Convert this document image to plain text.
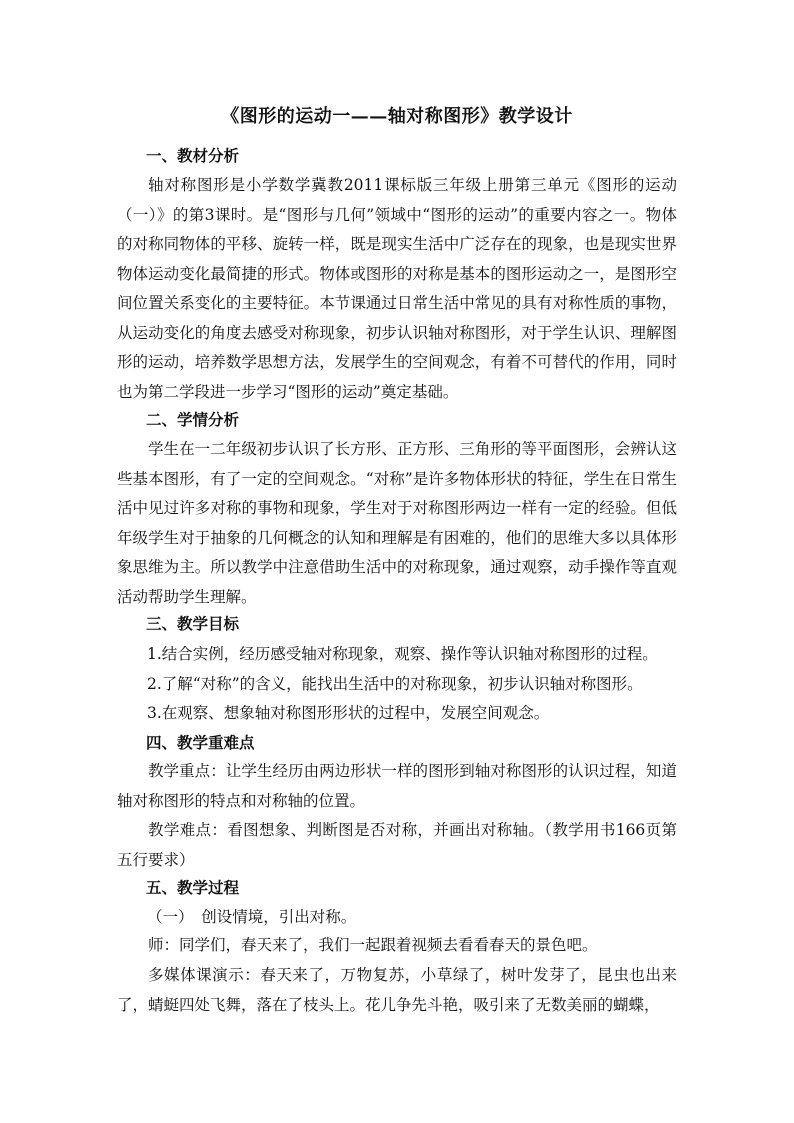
《图形的运动一——轴对称图形》教学设计
一、教材分析

轴对称图形是小学数学冀教2011课标版三年级上册第三单元《图形的运动（一）》的第3课时。是“图形与几何”领域中“图形的运动”的重要内容之一。物体的对称同物体的平移、旋转一样，既是现实生活中广泛存在的现象，也是现实世界物体运动变化最简捷的形式。物体或图形的对称是基本的图形运动之一，是图形空间位置关系变化的主要特征。本节课通过日常生活中常见的具有对称性质的事物，从运动变化的角度去感受对称现象，初步认识轴对称图形，对于学生认识、理解图形的运动，培养数学思想方法，发展学生的空间观念，有着不可替代的作用，同时也为第二学段进一步学习“图形的运动”奠定基础。

二、学情分析

学生在一二年级初步认识了长方形、正方形、三角形的等平面图形，会辨认这些基本图形，有了一定的空间观念。“对称”是许多物体形状的特征，学生在日常生活中见过许多对称的事物和现象，学生对于对称图形两边一样有一定的经验。但低年级学生对于抽象的几何概念的认知和理解是有困难的，他们的思维大多以具体形象思维为主。所以教学中注意借助生活中的对称现象，通过观察，动手操作等直观活动帮助学生理解。

三、教学目标

1.结合实例，经历感受轴对称现象，观察、操作等认识轴对称图形的过程。

2.了解“对称”的含义，能找出生活中的对称现象，初步认识轴对称图形。

3.在观察、想象轴对称图形形状的过程中，发展空间观念。

四、教学重难点

教学重点：让学生经历由两边形状一样的图形到轴对称图形的认识过程，知道轴对称图形的特点和对称轴的位置。

教学难点：看图想象、判断图是否对称，并画出对称轴。（教学用书166页第五行要求）

五、教学过程

（一）　创设情境，引出对称。

师：同学们，春天来了，我们一起跟着视频去看看春天的景色吧。

多媒体课演示：春天来了，万物复苏，小草绿了，树叶发芽了，昆虫也出来了，蜻蜓四处飞舞，落在了枝头上。花儿争先斗艳，吸引来了无数美丽的蝴蝶，
